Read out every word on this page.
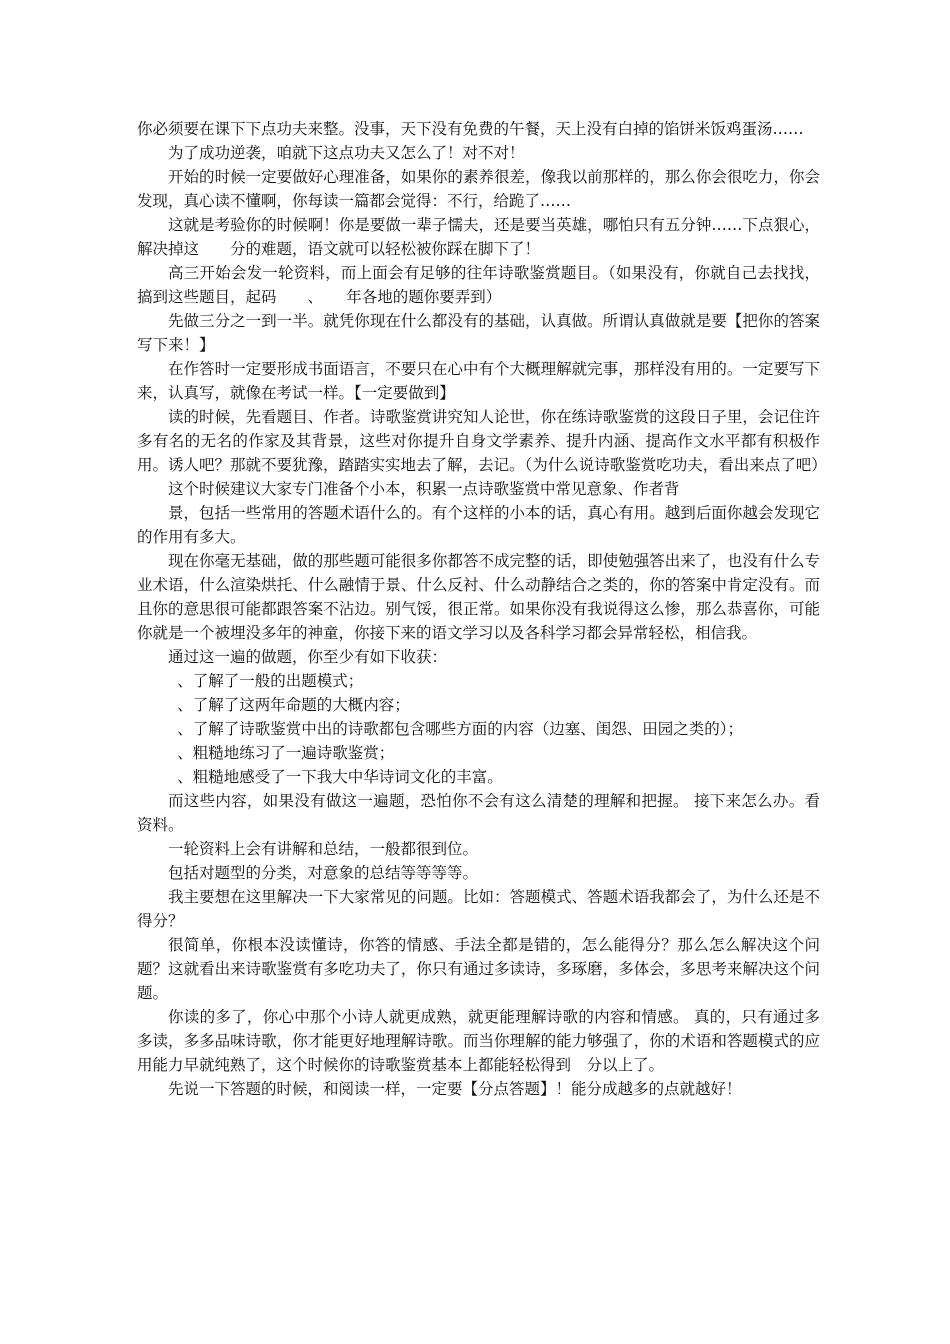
你必须要在课下下点功夫来整。没事，天下没有免费的午餐，天上没有白掉的馅饼米饭鸡蛋汤……

为了成功逆袭，咱就下这点功夫又怎么了！对不对！

开始的时候一定要做好心理准备，如果你的素养很差，像我以前那样的，那么你会很吃力，你会发现，真心读不懂啊，你每读一篇都会觉得：不行，给跪了……

这就是考验你的时候啊！你是要做一辈子懦夫，还是要当英雄，哪怕只有五分钟……下点狠心，解决掉这　　分的难题，语文就可以轻松被你踩在脚下了！

高三开始会发一轮资料，而上面会有足够的往年诗歌鉴赏题目。（如果没有，你就自己去找找，搞到这些题目，起码　　、　　年各地的题你要弄到）

先做三分之一到一半。就凭你现在什么都没有的基础，认真做。所谓认真做就是要【把你的答案写下来！】

在作答时一定要形成书面语言，不要只在心中有个大概理解就完事，那样没有用的。一定要写下来，认真写，就像在考试一样。【一定要做到】

读的时候，先看题目、作者。诗歌鉴赏讲究知人论世，你在练诗歌鉴赏的这段日子里，会记住许多有名的无名的作家及其背景，这些对你提升自身文学素养、提升内涵、提高作文水平都有积极作用。诱人吧？那就不要犹豫，踏踏实实地去了解，去记。（为什么说诗歌鉴赏吃功夫，看出来点了吧）

这个时候建议大家专门准备个小本，积累一点诗歌鉴赏中常见意象、作者背

景，包括一些常用的答题术语什么的。有个这样的小本的话，真心有用。越到后面你越会发现它的作用有多大。

现在你毫无基础，做的那些题可能很多你都答不成完整的话，即使勉强答出来了，也没有什么专业术语，什么渲染烘托、什么融情于景、什么反衬、什么动静结合之类的，你的答案中肯定没有。而且你的意思很可能都跟答案不沾边。别气馁，很正常。如果你没有我说得这么惨，那么恭喜你，可能你就是一个被埋没多年的神童，你接下来的语文学习以及各科学习都会异常轻松，相信我。

通过这一遍的做题，你至少有如下收获：

、了解了一般的出题模式；

、了解了这两年命题的大概内容；

、了解了诗歌鉴赏中出的诗歌都包含哪些方面的内容（边塞、闺怨、田园之类的）；

、粗糙地练习了一遍诗歌鉴赏；

、粗糙地感受了一下我大中华诗词文化的丰富。

而这些内容，如果没有做这一遍题，恐怕你不会有这么清楚的理解和把握。 接下来怎么办。看资料。

一轮资料上会有讲解和总结，一般都很到位。

包括对题型的分类，对意象的总结等等等等。

我主要想在这里解决一下大家常见的问题。比如：答题模式、答题术语我都会了，为什么还是不得分？

很简单，你根本没读懂诗，你答的情感、手法全都是错的，怎么能得分？那么怎么解决这个问题？这就看出来诗歌鉴赏有多吃功夫了，你只有通过多读诗，多琢磨，多体会，多思考来解决这个问题。

你读的多了，你心中那个小诗人就更成熟，就更能理解诗歌的内容和情感。 真的，只有通过多多读，多多品味诗歌，你才能更好地理解诗歌。而当你理解的能力够强了，你的术语和答题模式的应用能力早就纯熟了，这个时候你的诗歌鉴赏基本上都能轻松得到　分以上了。

先说一下答题的时候，和阅读一样，一定要【分点答题】！能分成越多的点就越好！
